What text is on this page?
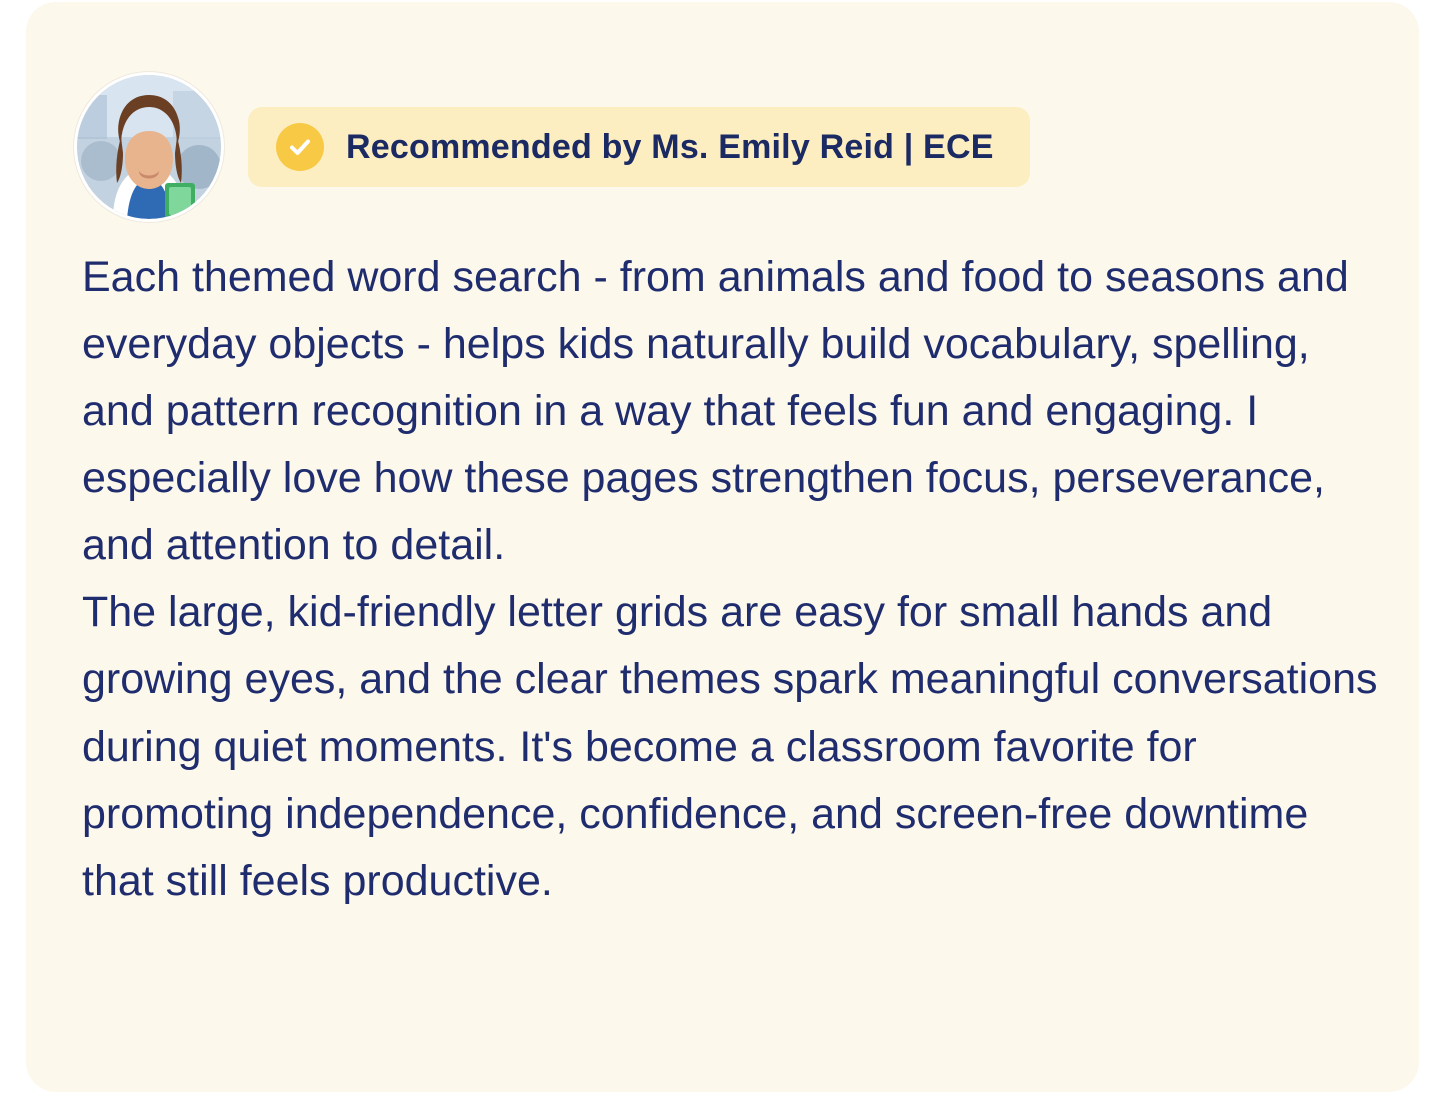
Recommended by Ms. Emily Reid | ECE

Each themed word search - from animals and food to seasons and everyday objects - helps kids naturally build vocabulary, spelling, and pattern recognition in a way that feels fun and engaging. I especially love how these pages strengthen focus, perseverance, and attention to detail.

The large, kid-friendly letter grids are easy for small hands and growing eyes, and the clear themes spark meaningful conversations during quiet moments. It's become a classroom favorite for promoting independence, confidence, and screen-free downtime that still feels productive.
